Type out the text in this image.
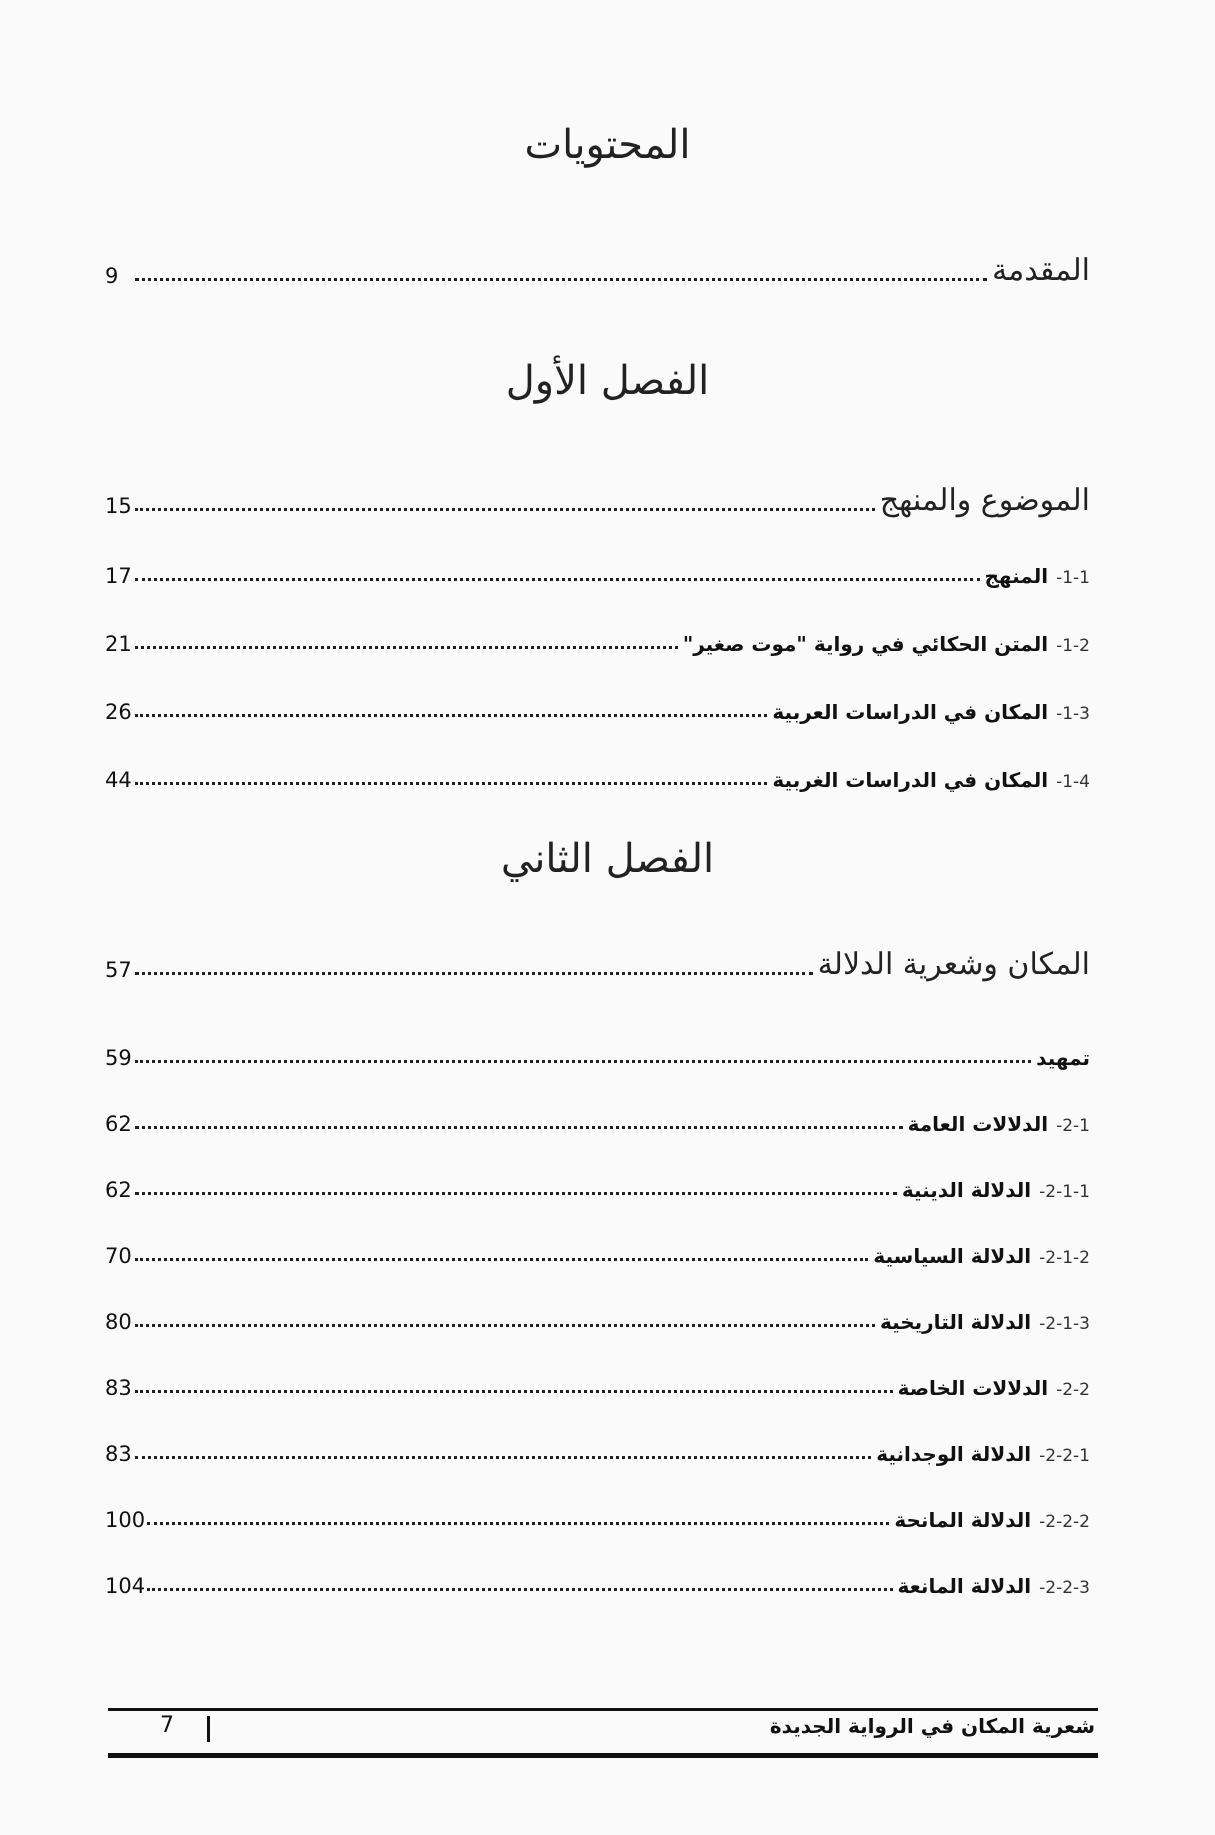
المحتويات
المقدمة
9
الفصل الأول
الموضوع والمنهج
15
1-1-المنهج
17
1-2-المتن الحكائي في رواية "موت صغير"
21
1-3-المكان في الدراسات العربية
26
1-4-المكان في الدراسات الغربية
44
الفصل الثاني
المكان وشعرية الدلالة
57
تمهيد
59
2-1-الدلالات العامة
62
2-1-1-الدلالة الدينية
62
2-1-2-الدلالة السياسية
70
2-1-3-الدلالة التاريخية
80
2-2-الدلالات الخاصة
83
2-2-1-الدلالة الوجدانية
83
2-2-2-الدلالة المانحة
100
2-2-3-الدلالة المانعة
104
7	شعرية المكان في الرواية الجديدة
